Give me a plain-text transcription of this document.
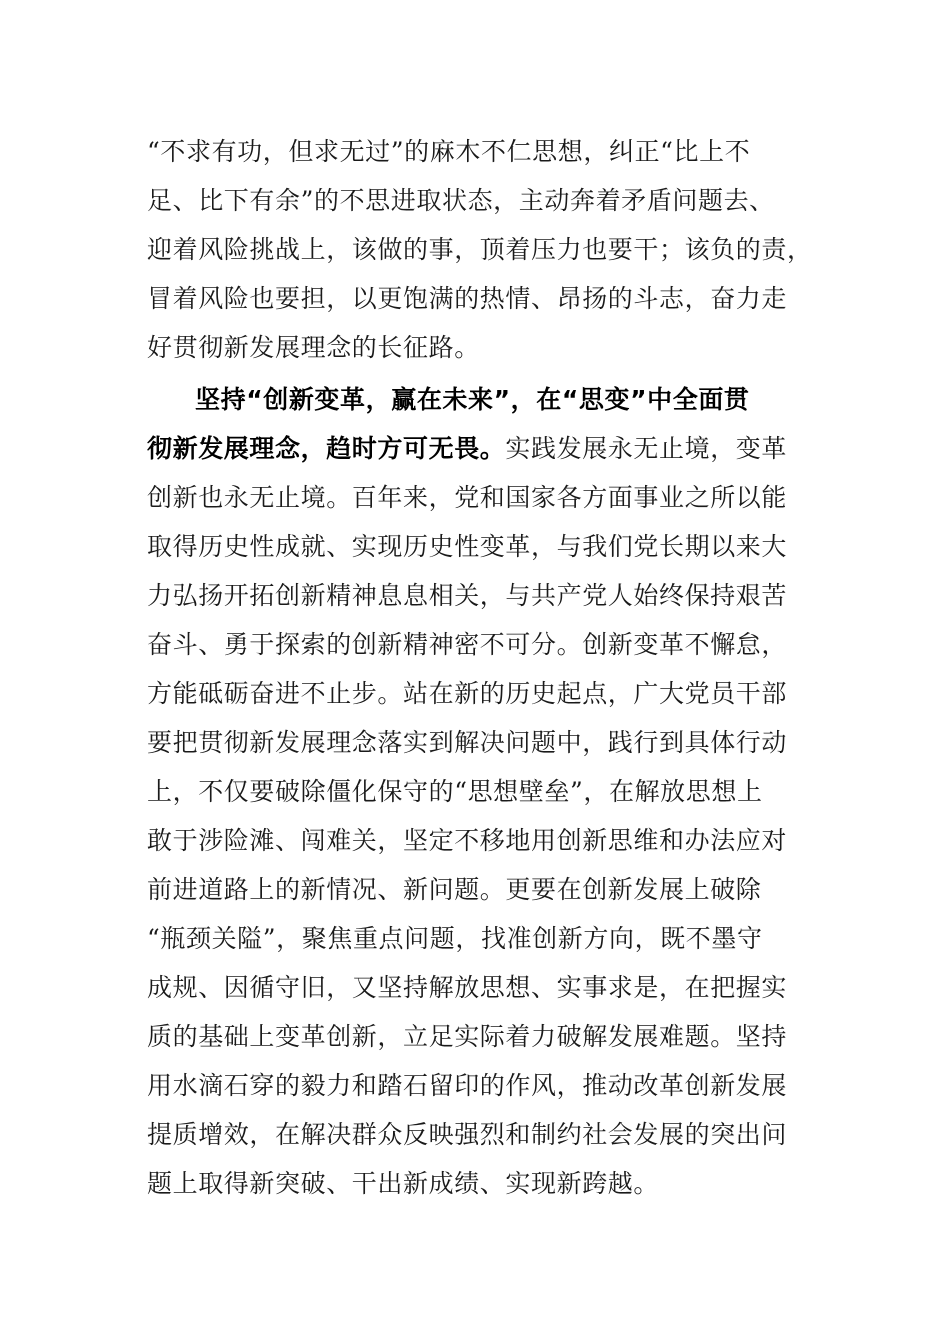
“不求有功，但求无过”的麻木不仁思想，纠正“比上不
足、比下有余”的不思进取状态，主动奔着矛盾问题去、
迎着风险挑战上，该做的事，顶着压力也要干；该负的责，
冒着风险也要担，以更饱满的热情、昂扬的斗志，奋力走
好贯彻新发展理念的长征路。
坚持“创新变革，赢在未来”，在“思变”中全面贯
彻新发展理念，趋时方可无畏。实践发展永无止境，变革
创新也永无止境。百年来，党和国家各方面事业之所以能
取得历史性成就、实现历史性变革，与我们党长期以来大
力弘扬开拓创新精神息息相关，与共产党人始终保持艰苦
奋斗、勇于探索的创新精神密不可分。创新变革不懈怠，
方能砥砺奋进不止步。站在新的历史起点，广大党员干部
要把贯彻新发展理念落实到解决问题中，践行到具体行动
上，不仅要破除僵化保守的“思想壁垒”，在解放思想上
敢于涉险滩、闯难关，坚定不移地用创新思维和办法应对
前进道路上的新情况、新问题。更要在创新发展上破除
“瓶颈关隘”，聚焦重点问题，找准创新方向，既不墨守
成规、因循守旧，又坚持解放思想、实事求是，在把握实
质的基础上变革创新，立足实际着力破解发展难题。坚持
用水滴石穿的毅力和踏石留印的作风，推动改革创新发展
提质增效，在解决群众反映强烈和制约社会发展的突出问
题上取得新突破、干出新成绩、实现新跨越。
